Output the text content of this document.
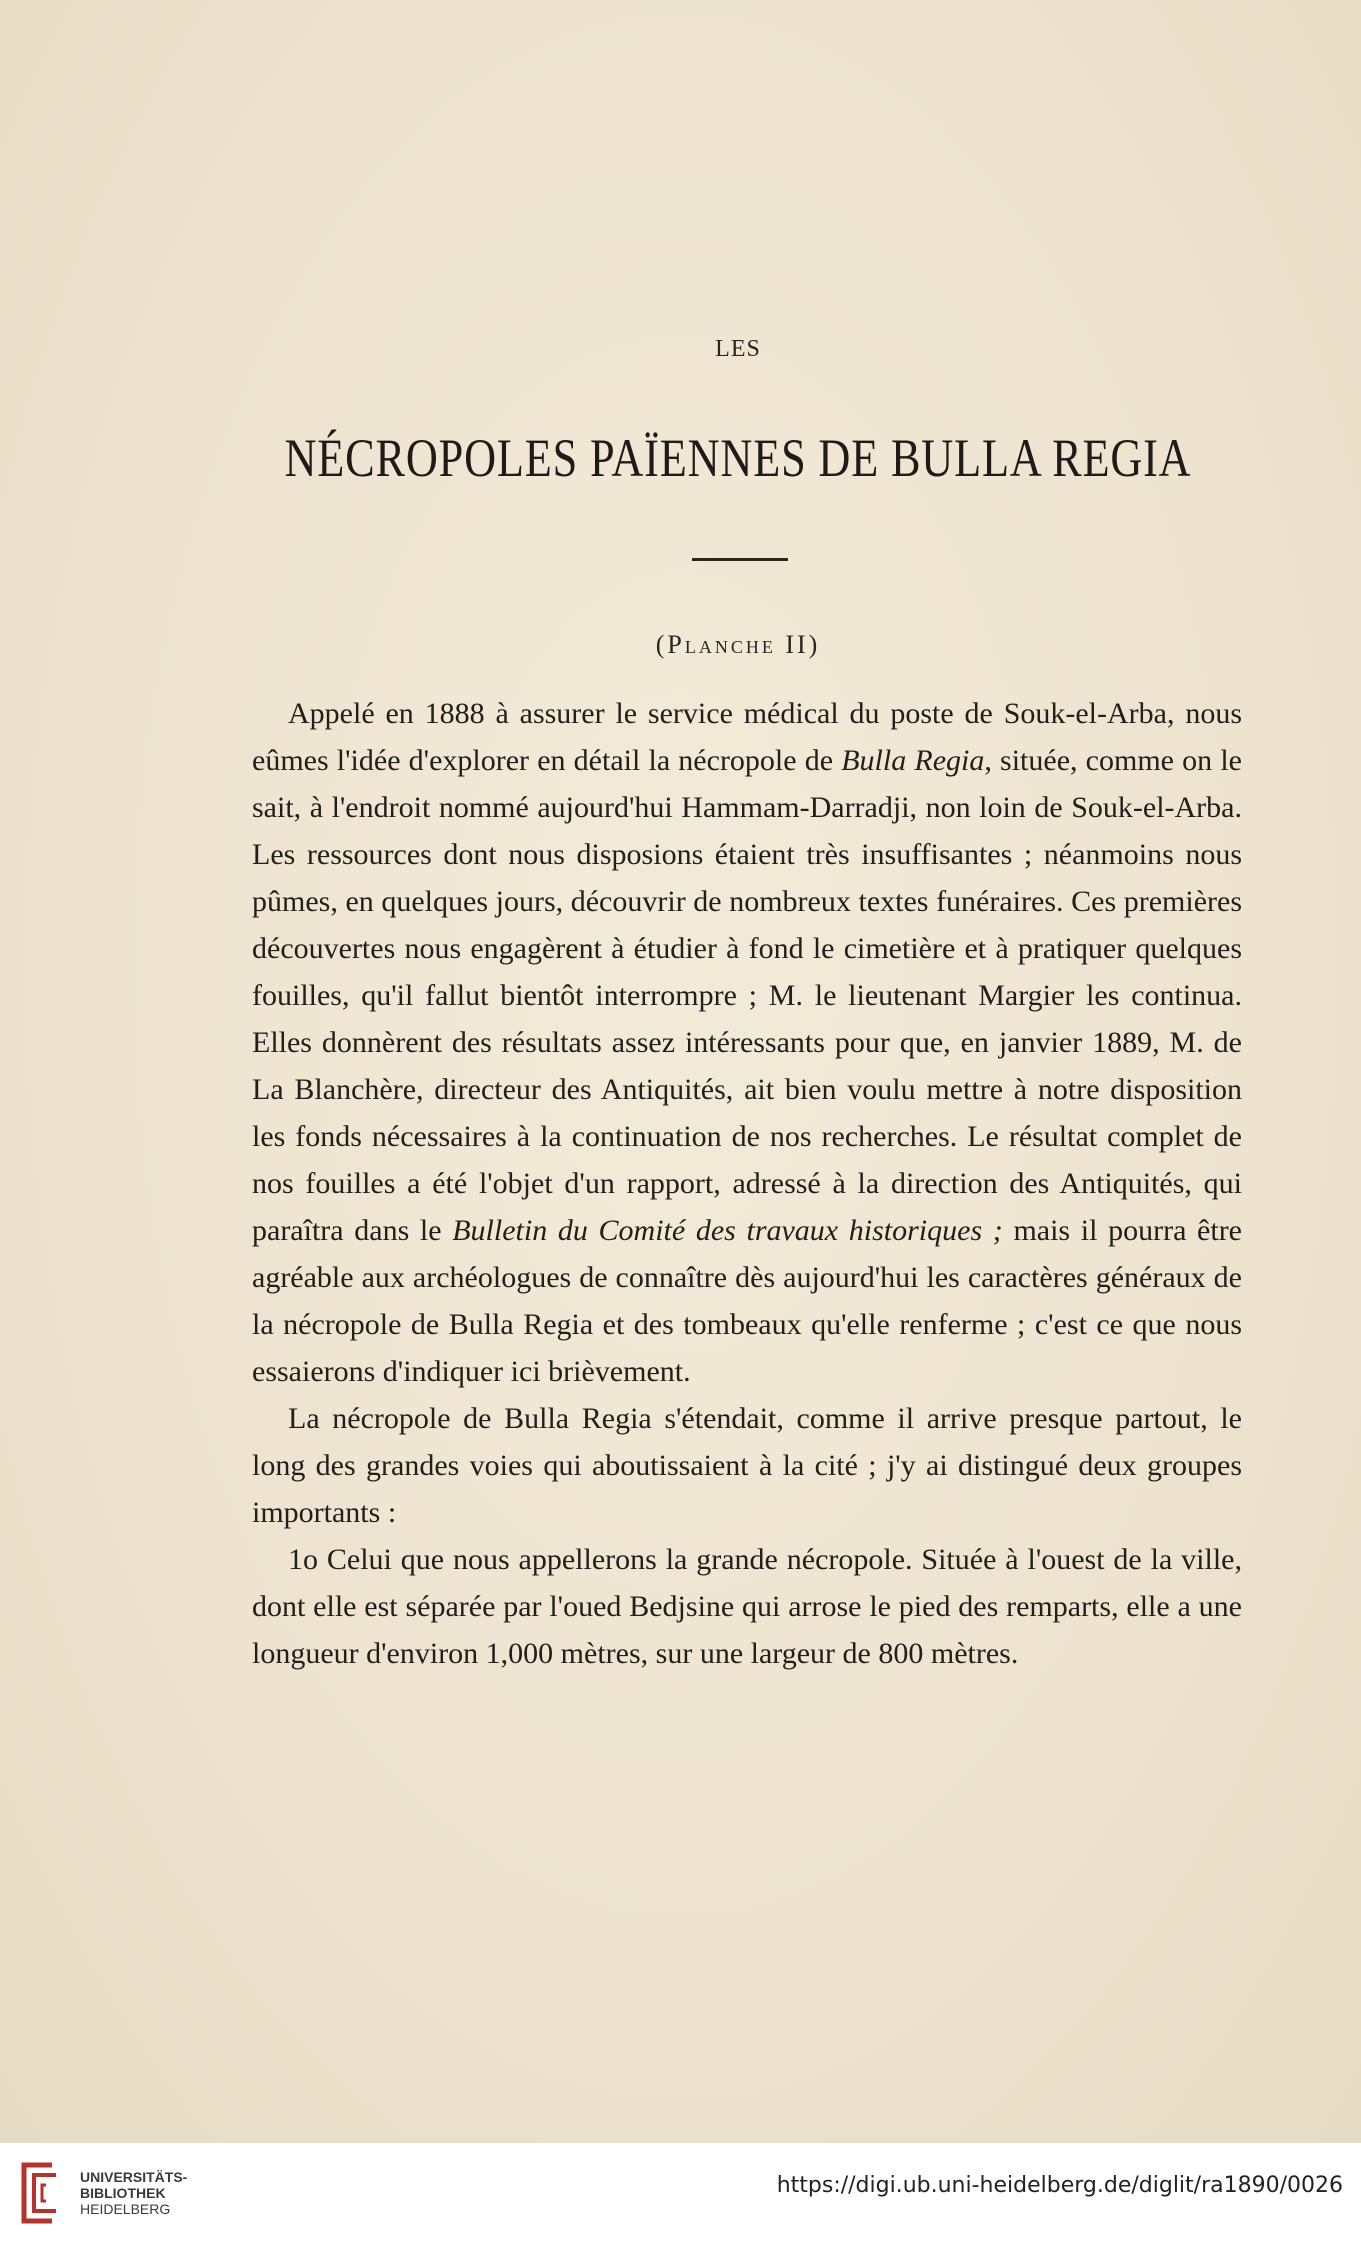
LES
NÉCROPOLES PAÏENNES DE BULLA REGIA
(Planche II)

Appelé en 1888 à assurer le service médical du poste de Souk-el-Arba, nous eûmes l'idée d'explorer en détail la nécropole de Bulla Regia, située, comme on le sait, à l'endroit nommé aujourd'hui Hammam-Darradji, non loin de Souk-el-Arba. Les ressources dont nous disposions étaient très insuffisantes ; néanmoins nous pûmes, en quelques jours, découvrir de nombreux textes funéraires. Ces premières découvertes nous engagèrent à étudier à fond le cimetière et à pratiquer quelques fouilles, qu'il fallut bientôt interrompre ; M. le lieutenant Margier les continua. Elles donnèrent des résultats assez intéressants pour que, en janvier 1889, M. de La Blanchère, directeur des Antiquités, ait bien voulu mettre à notre disposition les fonds nécessaires à la continuation de nos recherches. Le résultat complet de nos fouilles a été l'objet d'un rapport, adressé à la direction des Antiquités, qui paraîtra dans le Bulletin du Comité des travaux historiques ; mais il pourra être agréable aux archéologues de connaître dès aujourd'hui les caractères généraux de la nécropole de Bulla Regia et des tombeaux qu'elle renferme ; c'est ce que nous essaierons d'indiquer ici brièvement.

La nécropole de Bulla Regia s'étendait, comme il arrive presque partout, le long des grandes voies qui aboutissaient à la cité ; j'y ai distingué deux groupes importants :

1o Celui que nous appellerons la grande nécropole. Située à l'ouest de la ville, dont elle est séparée par l'oued Bedjsine qui arrose le pied des remparts, elle a une longueur d'environ 1,000 mètres, sur une largeur de 800 mètres.

UNIVERSITÄTS-
BIBLIOTHEK
HEIDELBERG
https://digi.ub.uni-heidelberg.de/diglit/ra1890/0026
